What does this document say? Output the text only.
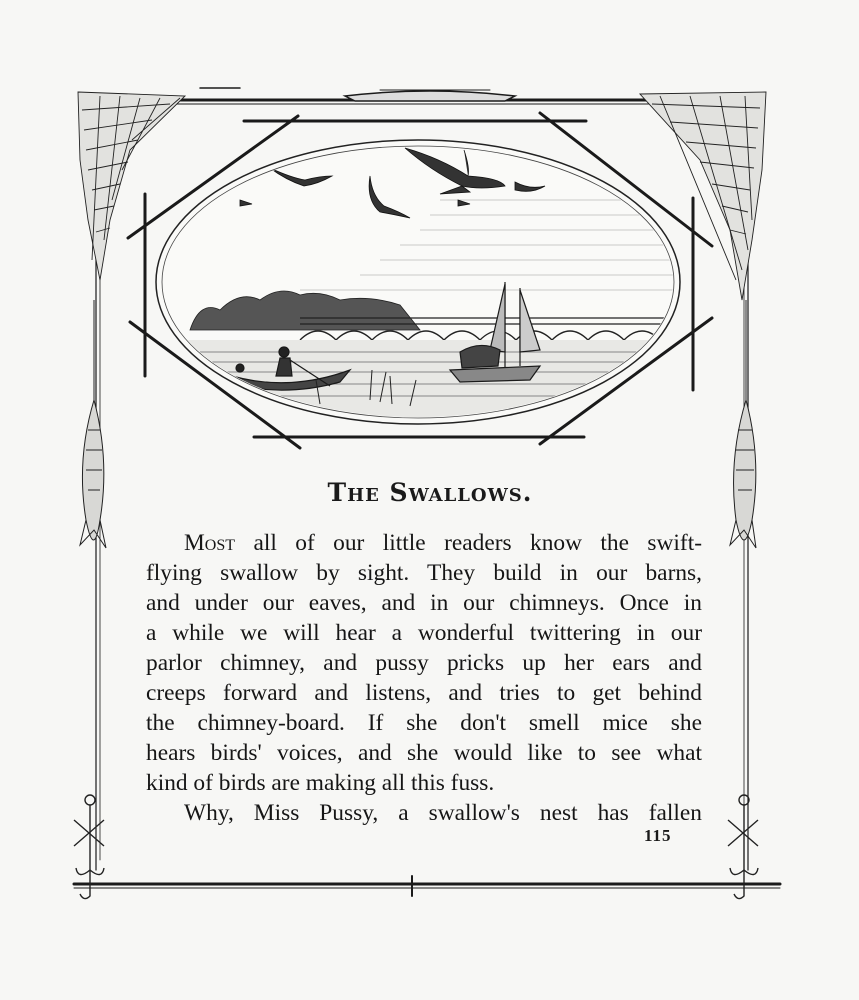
The Swallows.
Most all of our little readers know the swift-
flying swallow by sight. They build in our barns,
and under our eaves, and in our chimneys. Once in
a while we will hear a wonderful twittering in our
parlor chimney, and pussy pricks up her ears and
creeps forward and listens, and tries to get behind
the chimney-board. If she don't smell mice she
hears birds' voices, and she would like to see what
kind of birds are making all this fuss.
Why, Miss Pussy, a swallow's nest has fallen
115
